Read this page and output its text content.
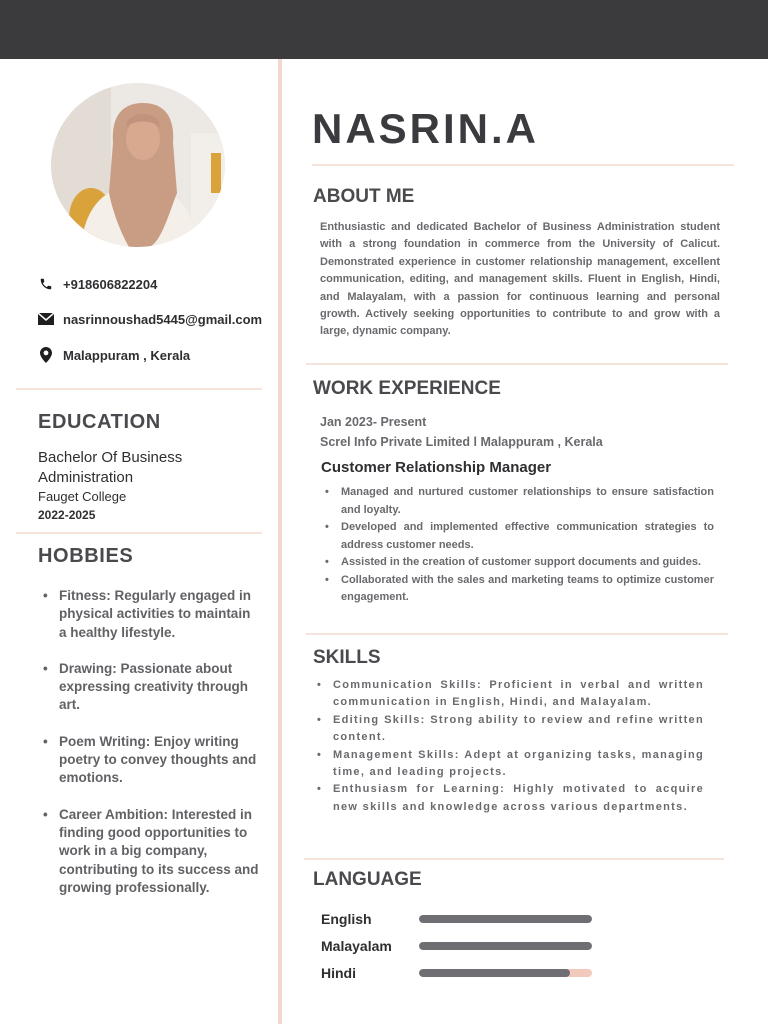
+918606822204
nasrinnoushad5445@gmail.com
Malappuram , Kerala
EDUCATION
Bachelor Of Business Administration
Fauget College
2022-2025
HOBBIES
• Fitness: Regularly engaged in physical activities to maintain a healthy lifestyle.
• Drawing: Passionate about expressing creativity through art.
• Poem Writing: Enjoy writing poetry to convey thoughts and emotions.
• Career Ambition: Interested in finding good opportunities to work in a big company, contributing to its success and growing professionally.
NASRIN.A
ABOUT ME
Enthusiastic and dedicated Bachelor of Business Administration student with a strong foundation in commerce from the University of Calicut. Demonstrated experience in customer relationship management, excellent communication, editing, and management skills. Fluent in English, Hindi, and Malayalam, with a passion for continuous learning and personal growth. Actively seeking opportunities to contribute to and grow with a large, dynamic company.
WORK EXPERIENCE
Jan 2023- Present
Screl Info Private Limited l Malappuram , Kerala
Customer Relationship Manager
• Managed and nurtured customer relationships to ensure satisfaction and loyalty.
• Developed and implemented effective communication strategies to address customer needs.
• Assisted in the creation of customer support documents and guides.
• Collaborated with the sales and marketing teams to optimize customer engagement.
SKILLS
• Communication Skills: Proficient in verbal and written communication in English, Hindi, and Malayalam.
• Editing Skills: Strong ability to review and refine written content.
• Management Skills: Adept at organizing tasks, managing time, and leading projects.
• Enthusiasm for Learning: Highly motivated to acquire new skills and knowledge across various departments.
LANGUAGE
English
Malayalam
Hindi
